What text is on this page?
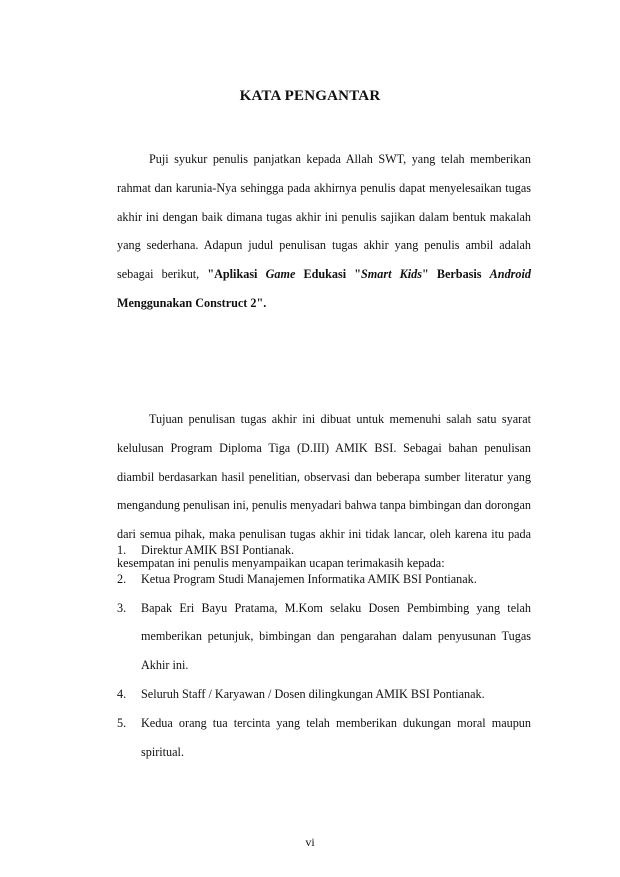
KATA PENGANTAR
Puji syukur penulis panjatkan kepada Allah SWT, yang telah memberikan rahmat dan karunia-Nya sehingga pada akhirnya penulis dapat menyelesaikan tugas akhir ini dengan baik dimana tugas akhir ini penulis sajikan dalam bentuk makalah yang sederhana. Adapun judul penulisan tugas akhir yang penulis ambil adalah sebagai berikut, "Aplikasi Game Edukasi "Smart Kids" Berbasis Android Menggunakan Construct 2".
Tujuan penulisan tugas akhir ini dibuat untuk memenuhi salah satu syarat kelulusan Program Diploma Tiga (D.III) AMIK BSI. Sebagai bahan penulisan diambil berdasarkan hasil penelitian, observasi dan beberapa sumber literatur yang mengandung penulisan ini, penulis menyadari bahwa tanpa bimbingan dan dorongan dari semua pihak, maka penulisan tugas akhir ini tidak lancar, oleh karena itu pada kesempatan ini penulis menyampaikan ucapan terimakasih kepada:
1. Direktur AMIK BSI Pontianak.
2. Ketua Program Studi Manajemen Informatika AMIK BSI Pontianak.
3. Bapak Eri Bayu Pratama, M.Kom selaku Dosen Pembimbing yang telah memberikan petunjuk, bimbingan dan pengarahan dalam penyusunan Tugas Akhir ini.
4. Seluruh Staff / Karyawan / Dosen dilingkungan AMIK BSI Pontianak.
5. Kedua orang tua tercinta yang telah memberikan dukungan moral maupun spiritual.
vi
